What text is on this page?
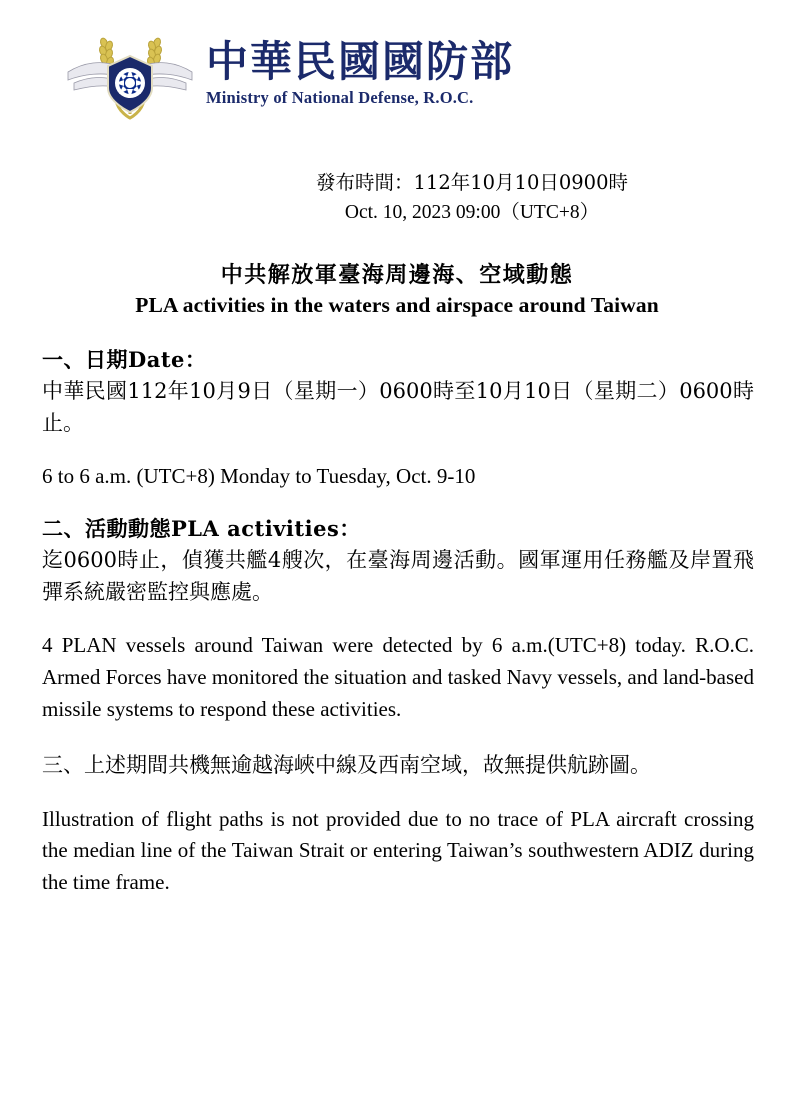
中華民國國防部
Ministry of National Defense, R.O.C.
發布時間：112年10月10日0900時
Oct. 10, 2023 09:00（UTC+8）
中共解放軍臺海周邊海、空域動態
PLA activities in the waters and airspace around Taiwan
一、日期Date：
中華民國112年10月9日（星期一）0600時至10月10日（星期二）0600時止。
6 to 6 a.m. (UTC+8) Monday to Tuesday, Oct. 9-10
二、活動動態PLA activities：
迄0600時止，偵獲共艦4艘次，在臺海周邊活動。國軍運用任務艦及岸置飛彈系統嚴密監控與應處。
4 PLAN vessels around Taiwan were detected by 6 a.m.(UTC+8) today. R.O.C. Armed Forces have monitored the situation and tasked Navy vessels, and land-based missile systems to respond these activities.
三、上述期間共機無逾越海峽中線及西南空域，故無提供航跡圖。
Illustration of flight paths is not provided due to no trace of PLA aircraft crossing the median line of the Taiwan Strait or entering Taiwan’s southwestern ADIZ during the time frame.
